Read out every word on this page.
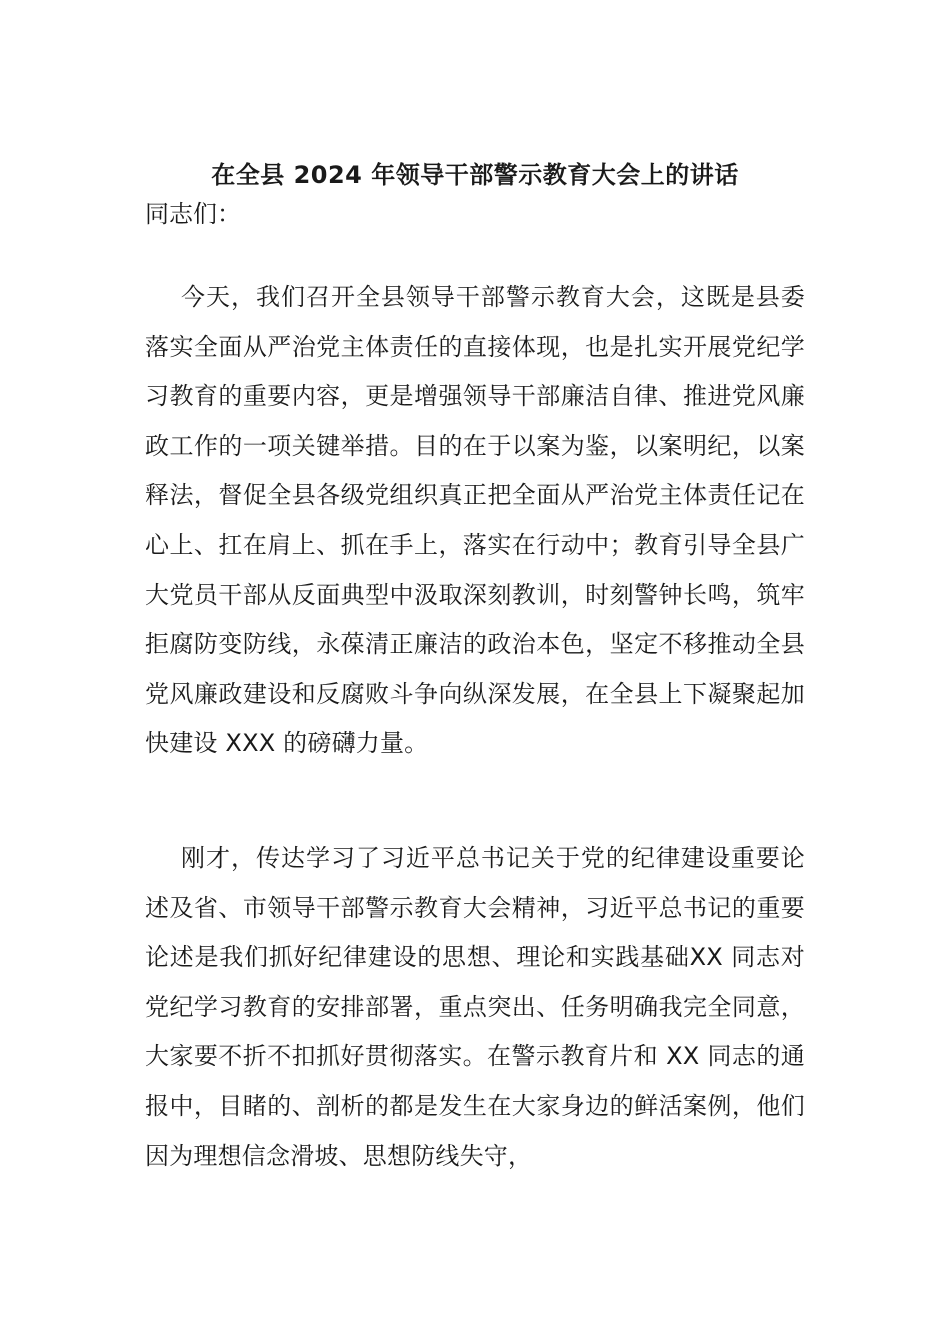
在全县 2024 年领导干部警示教育大会上的讲话

同志们：

今天，我们召开全县领导干部警示教育大会，这既是县委落实全面从严治党主体责任的直接体现，也是扎实开展党纪学习教育的重要内容，更是增强领导干部廉洁自律、推进党风廉政工作的一项关键举措。目的在于以案为鉴，以案明纪，以案释法，督促全县各级党组织真正把全面从严治党主体责任记在心上、扛在肩上、抓在手上，落实在行动中；教育引导全县广大党员干部从反面典型中汲取深刻教训，时刻警钟长鸣，筑牢拒腐防变防线，永葆清正廉洁的政治本色，坚定不移推动全县党风廉政建设和反腐败斗争向纵深发展，在全县上下凝聚起加快建设 XXX 的磅礴力量。

刚才，传达学习了习近平总书记关于党的纪律建设重要论述及省、市领导干部警示教育大会精神，习近平总书记的重要论述是我们抓好纪律建设的思想、理论和实践基础XX 同志对党纪学习教育的安排部署，重点突出、任务明确我完全同意，大家要不折不扣抓好贯彻落实。在警示教育片和 XX 同志的通报中，目睹的、剖析的都是发生在大家身边的鲜活案例，他们因为理想信念滑坡、思想防线失守，
